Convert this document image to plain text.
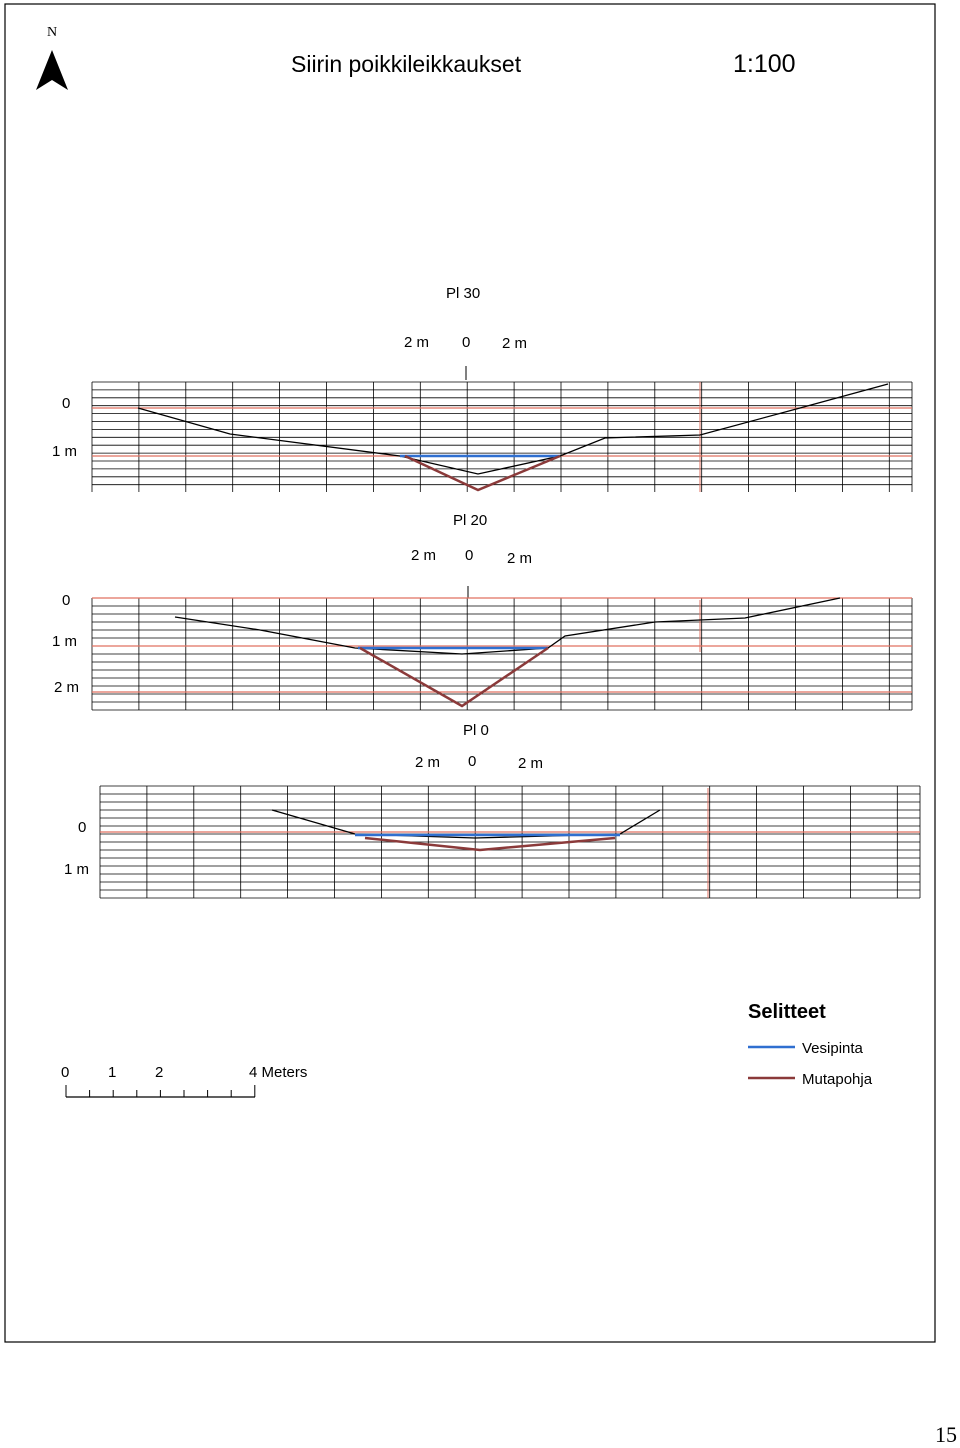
N
Siirin poikkileikkaukset	1:100
Pl 30
2 m 0 2 m
0
1 m
Pl 20
2 m 0 2 m
0
1 m
2 m
Pl 0
2 m 0	2 m
0
1 m
0	1	2	4 Meters
Selitteet
Vesipinta
Mutapohja
15
